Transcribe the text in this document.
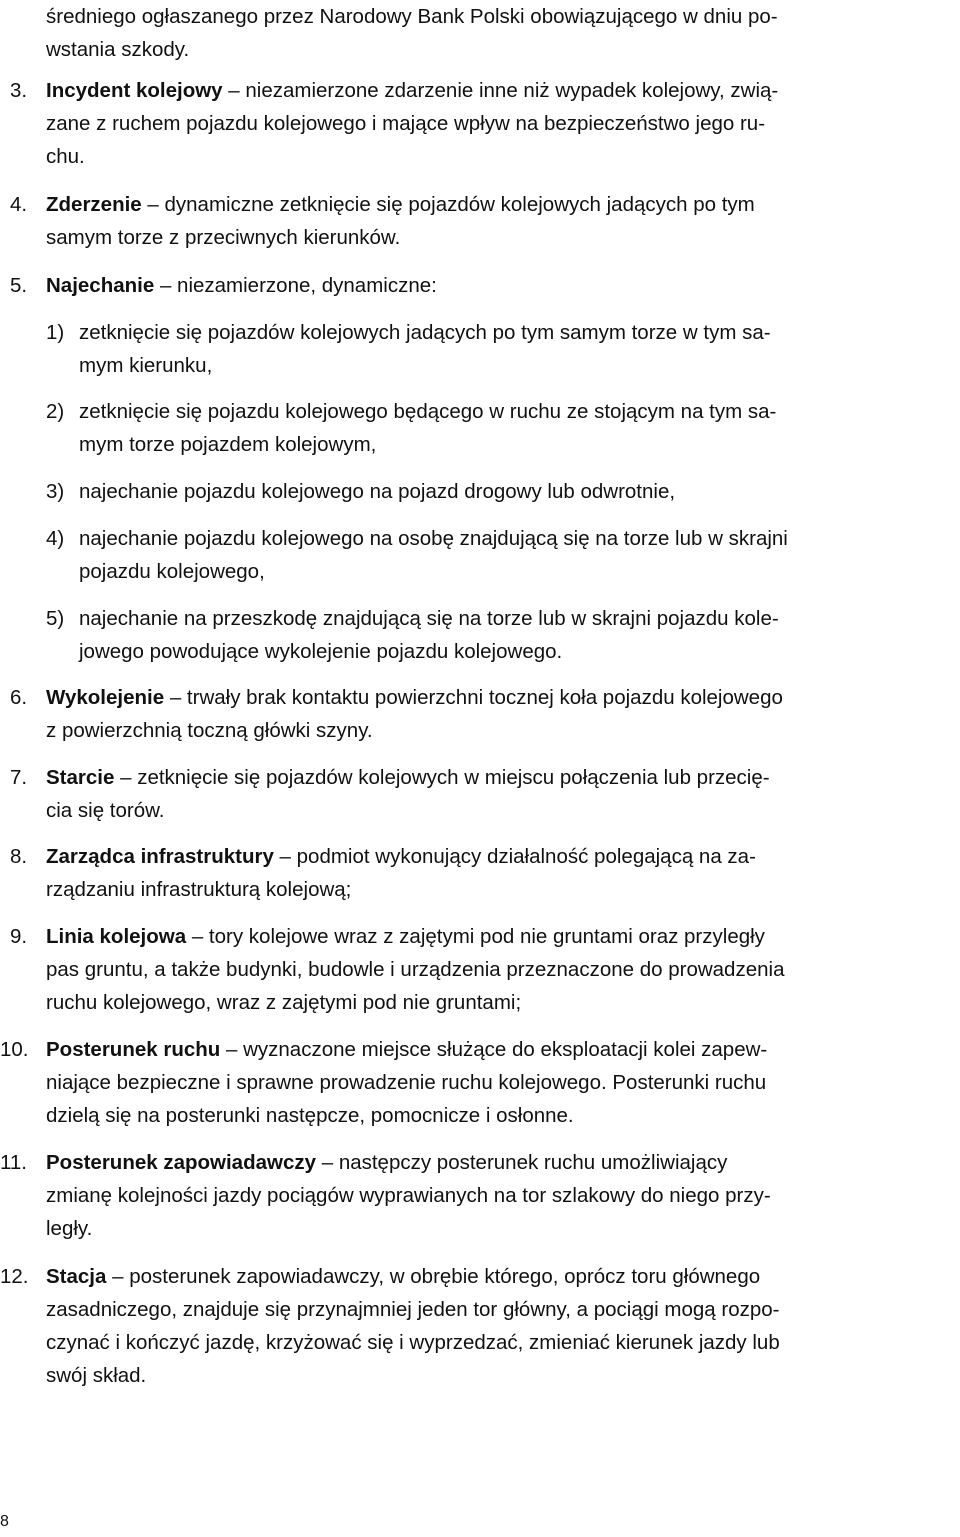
średniego ogłaszanego przez Narodowy Bank Polski obowiązującego w dniu po-
wstania szkody.

3. Incydent kolejowy – niezamierzone zdarzenie inne niż wypadek kolejowy, zwią-
zane z ruchem pojazdu kolejowego i mające wpływ na bezpieczeństwo jego ru-
chu.
4. Zderzenie – dynamiczne zetknięcie się pojazdów kolejowych jadących po tym
samym torze z przeciwnych kierunków.
5. Najechanie – niezamierzone, dynamiczne:
1) zetknięcie się pojazdów kolejowych jadących po tym samym torze w tym sa-
mym kierunku,
2) zetknięcie się pojazdu kolejowego będącego w ruchu ze stojącym na tym sa-
mym torze pojazdem kolejowym,
3) najechanie pojazdu kolejowego na pojazd drogowy lub odwrotnie,
4) najechanie pojazdu kolejowego na osobę znajdującą się na torze lub w skrajni
pojazdu kolejowego,
5) najechanie na przeszkodę znajdującą się na torze lub w skrajni pojazdu kole-
jowego powodujące wykolejenie pojazdu kolejowego.
6. Wykolejenie – trwały brak kontaktu powierzchni tocznej koła pojazdu kolejowego
z powierzchnią toczną główki szyny.
7. Starcie – zetknięcie się pojazdów kolejowych w miejscu połączenia lub przecię-
cia się torów.
8. Zarządca infrastruktury – podmiot wykonujący działalność polegającą na za-
rządzaniu infrastrukturą kolejową;
9. Linia kolejowa – tory kolejowe wraz z zajętymi pod nie gruntami oraz przyległy
pas gruntu, a także budynki, budowle i urządzenia przeznaczone do prowadzenia
ruchu kolejowego, wraz z zajętymi pod nie gruntami;
10. Posterunek ruchu – wyznaczone miejsce służące do eksploatacji kolei zapew-
niające bezpieczne i sprawne prowadzenie ruchu kolejowego. Posterunki ruchu
dzielą się na posterunki następcze, pomocnicze i osłonne.
11. Posterunek zapowiadawczy – następczy posterunek ruchu umożliwiający
zmianę kolejności jazdy pociągów wyprawianych na tor szlakowy do niego przy-
legły.
12. Stacja – posterunek zapowiadawczy, w obrębie którego, oprócz toru głównego
zasadniczego, znajduje się przynajmniej jeden tor główny, a pociągi mogą rozpo-
czynać i kończyć jazdę, krzyżować się i wyprzedzać, zmieniać kierunek jazdy lub
swój skład.
8
